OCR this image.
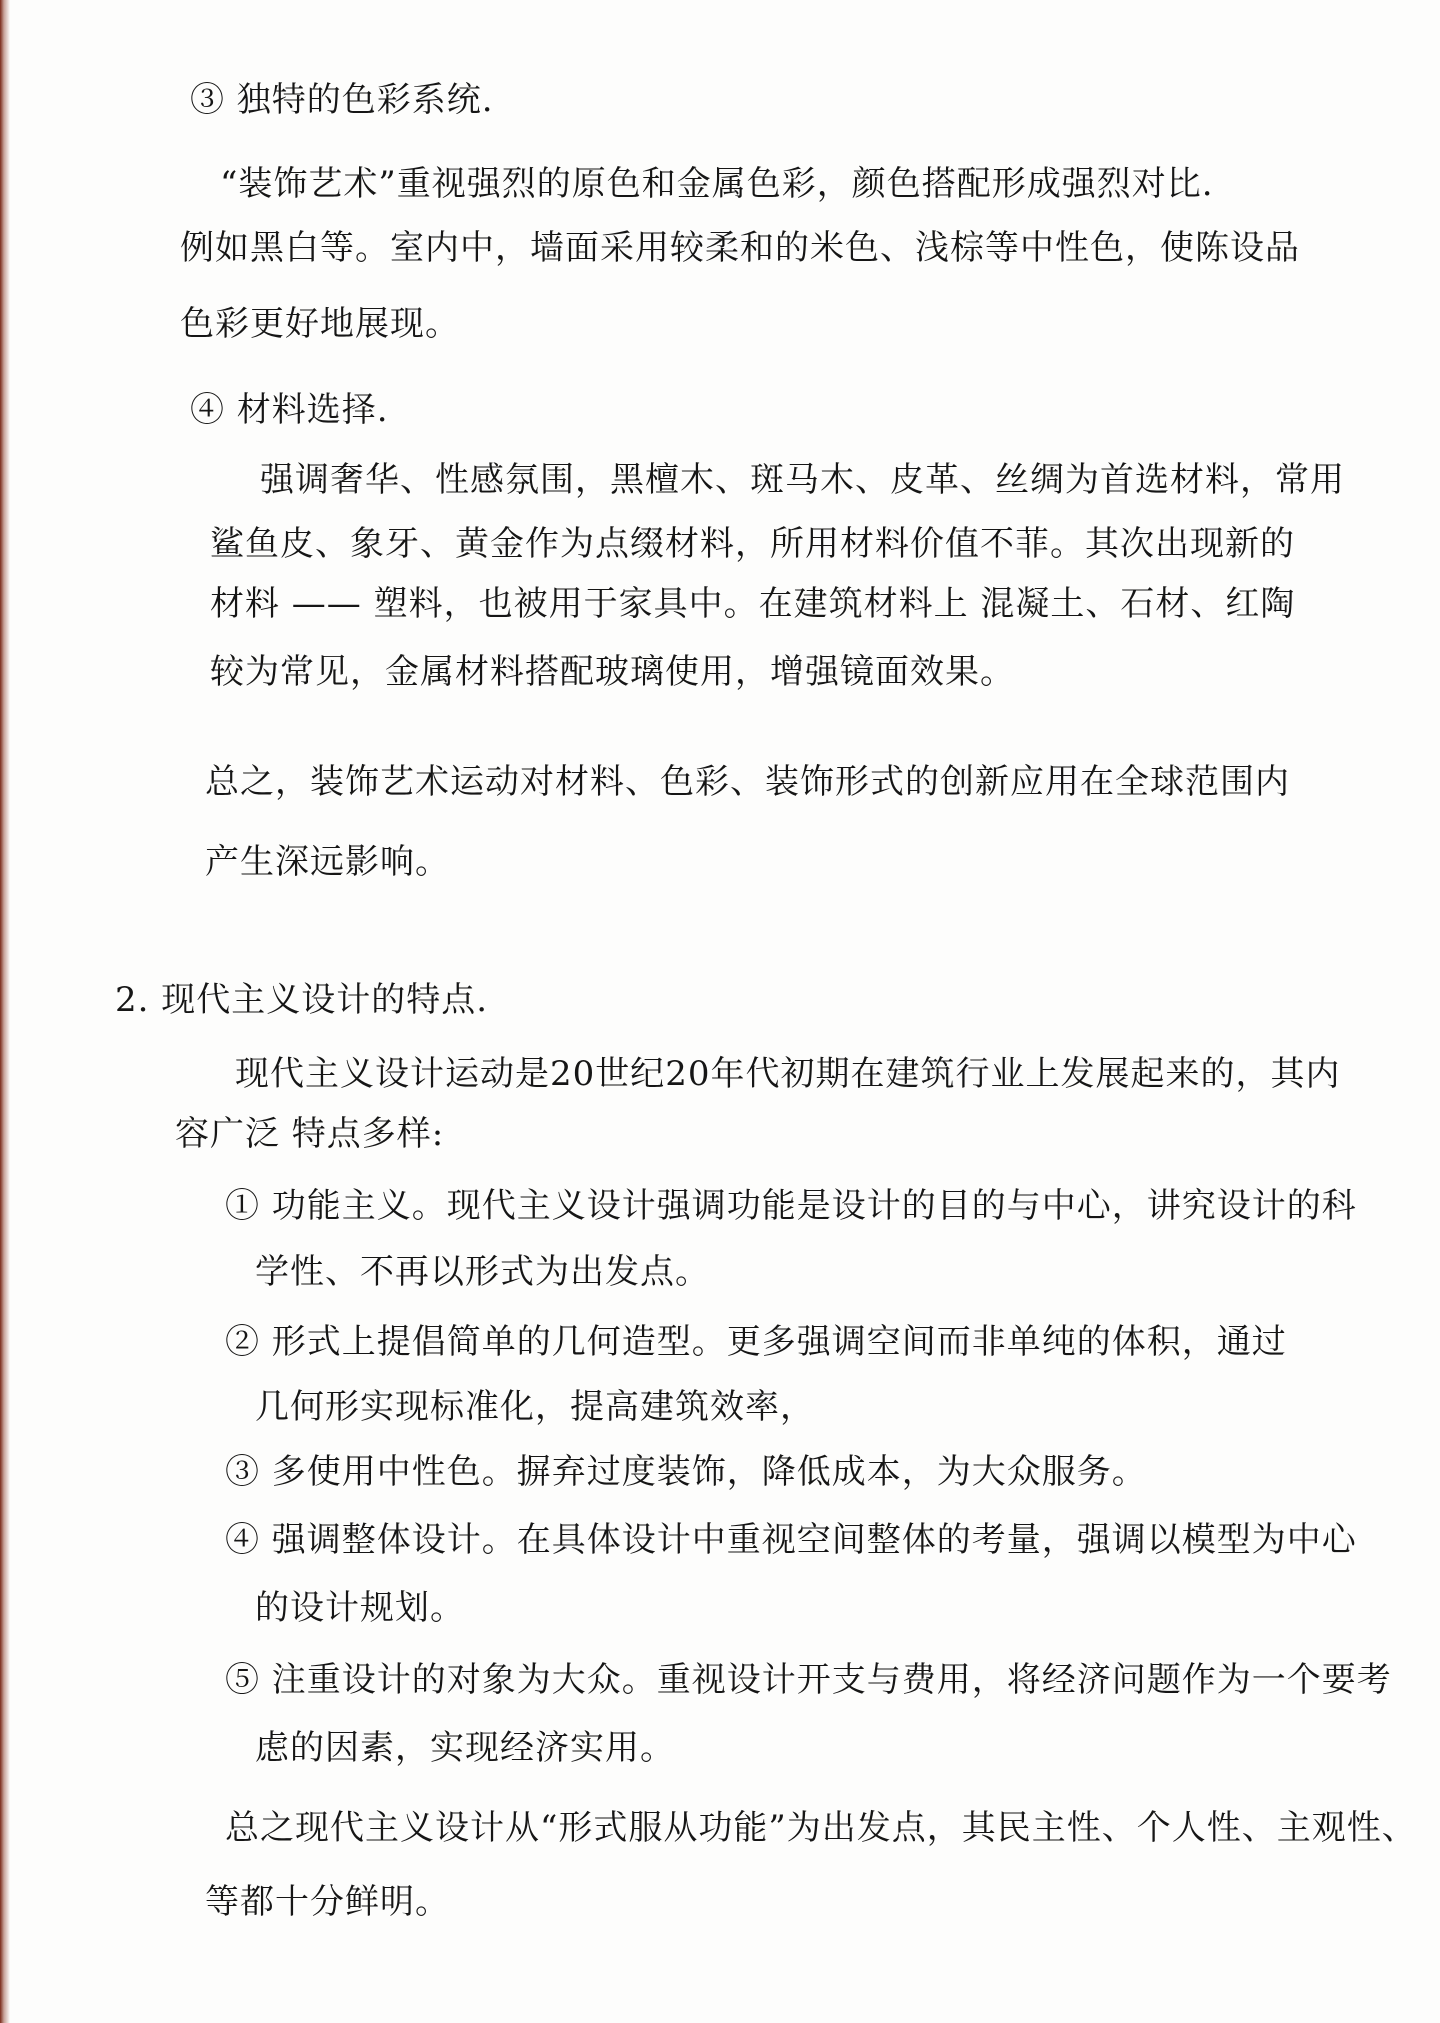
③ 独特的色彩系统.
“装饰艺术”重视强烈的原色和金属色彩，颜色搭配形成强烈对比.
例如黑白等。室内中，墙面采用较柔和的米色、浅棕等中性色，使陈设品
色彩更好地展现。
④ 材料选择.
强调奢华、性感氛围，黑檀木、斑马木、皮革、丝绸为首选材料，常用
鲨鱼皮、象牙、黄金作为点缀材料，所用材料价值不菲。其次出现新的
材料 —— 塑料，也被用于家具中。在建筑材料上 混凝土、石材、红陶
较为常见，金属材料搭配玻璃使用，增强镜面效果。
总之，装饰艺术运动对材料、色彩、装饰形式的创新应用在全球范围内
产生深远影响。
2. 现代主义设计的特点.
现代主义设计运动是20世纪20年代初期在建筑行业上发展起来的，其内
容广泛 特点多样:
① 功能主义。现代主义设计强调功能是设计的目的与中心，讲究设计的科
学性、不再以形式为出发点。
② 形式上提倡简单的几何造型。更多强调空间而非单纯的体积，通过
几何形实现标准化，提高建筑效率，
③ 多使用中性色。摒弃过度装饰，降低成本，为大众服务。
④ 强调整体设计。在具体设计中重视空间整体的考量，强调以模型为中心
的设计规划。
⑤ 注重设计的对象为大众。重视设计开支与费用，将经济问题作为一个要考
虑的因素，实现经济实用。
总之现代主义设计从“形式服从功能”为出发点，其民主性、个人性、主观性、
等都十分鲜明。
